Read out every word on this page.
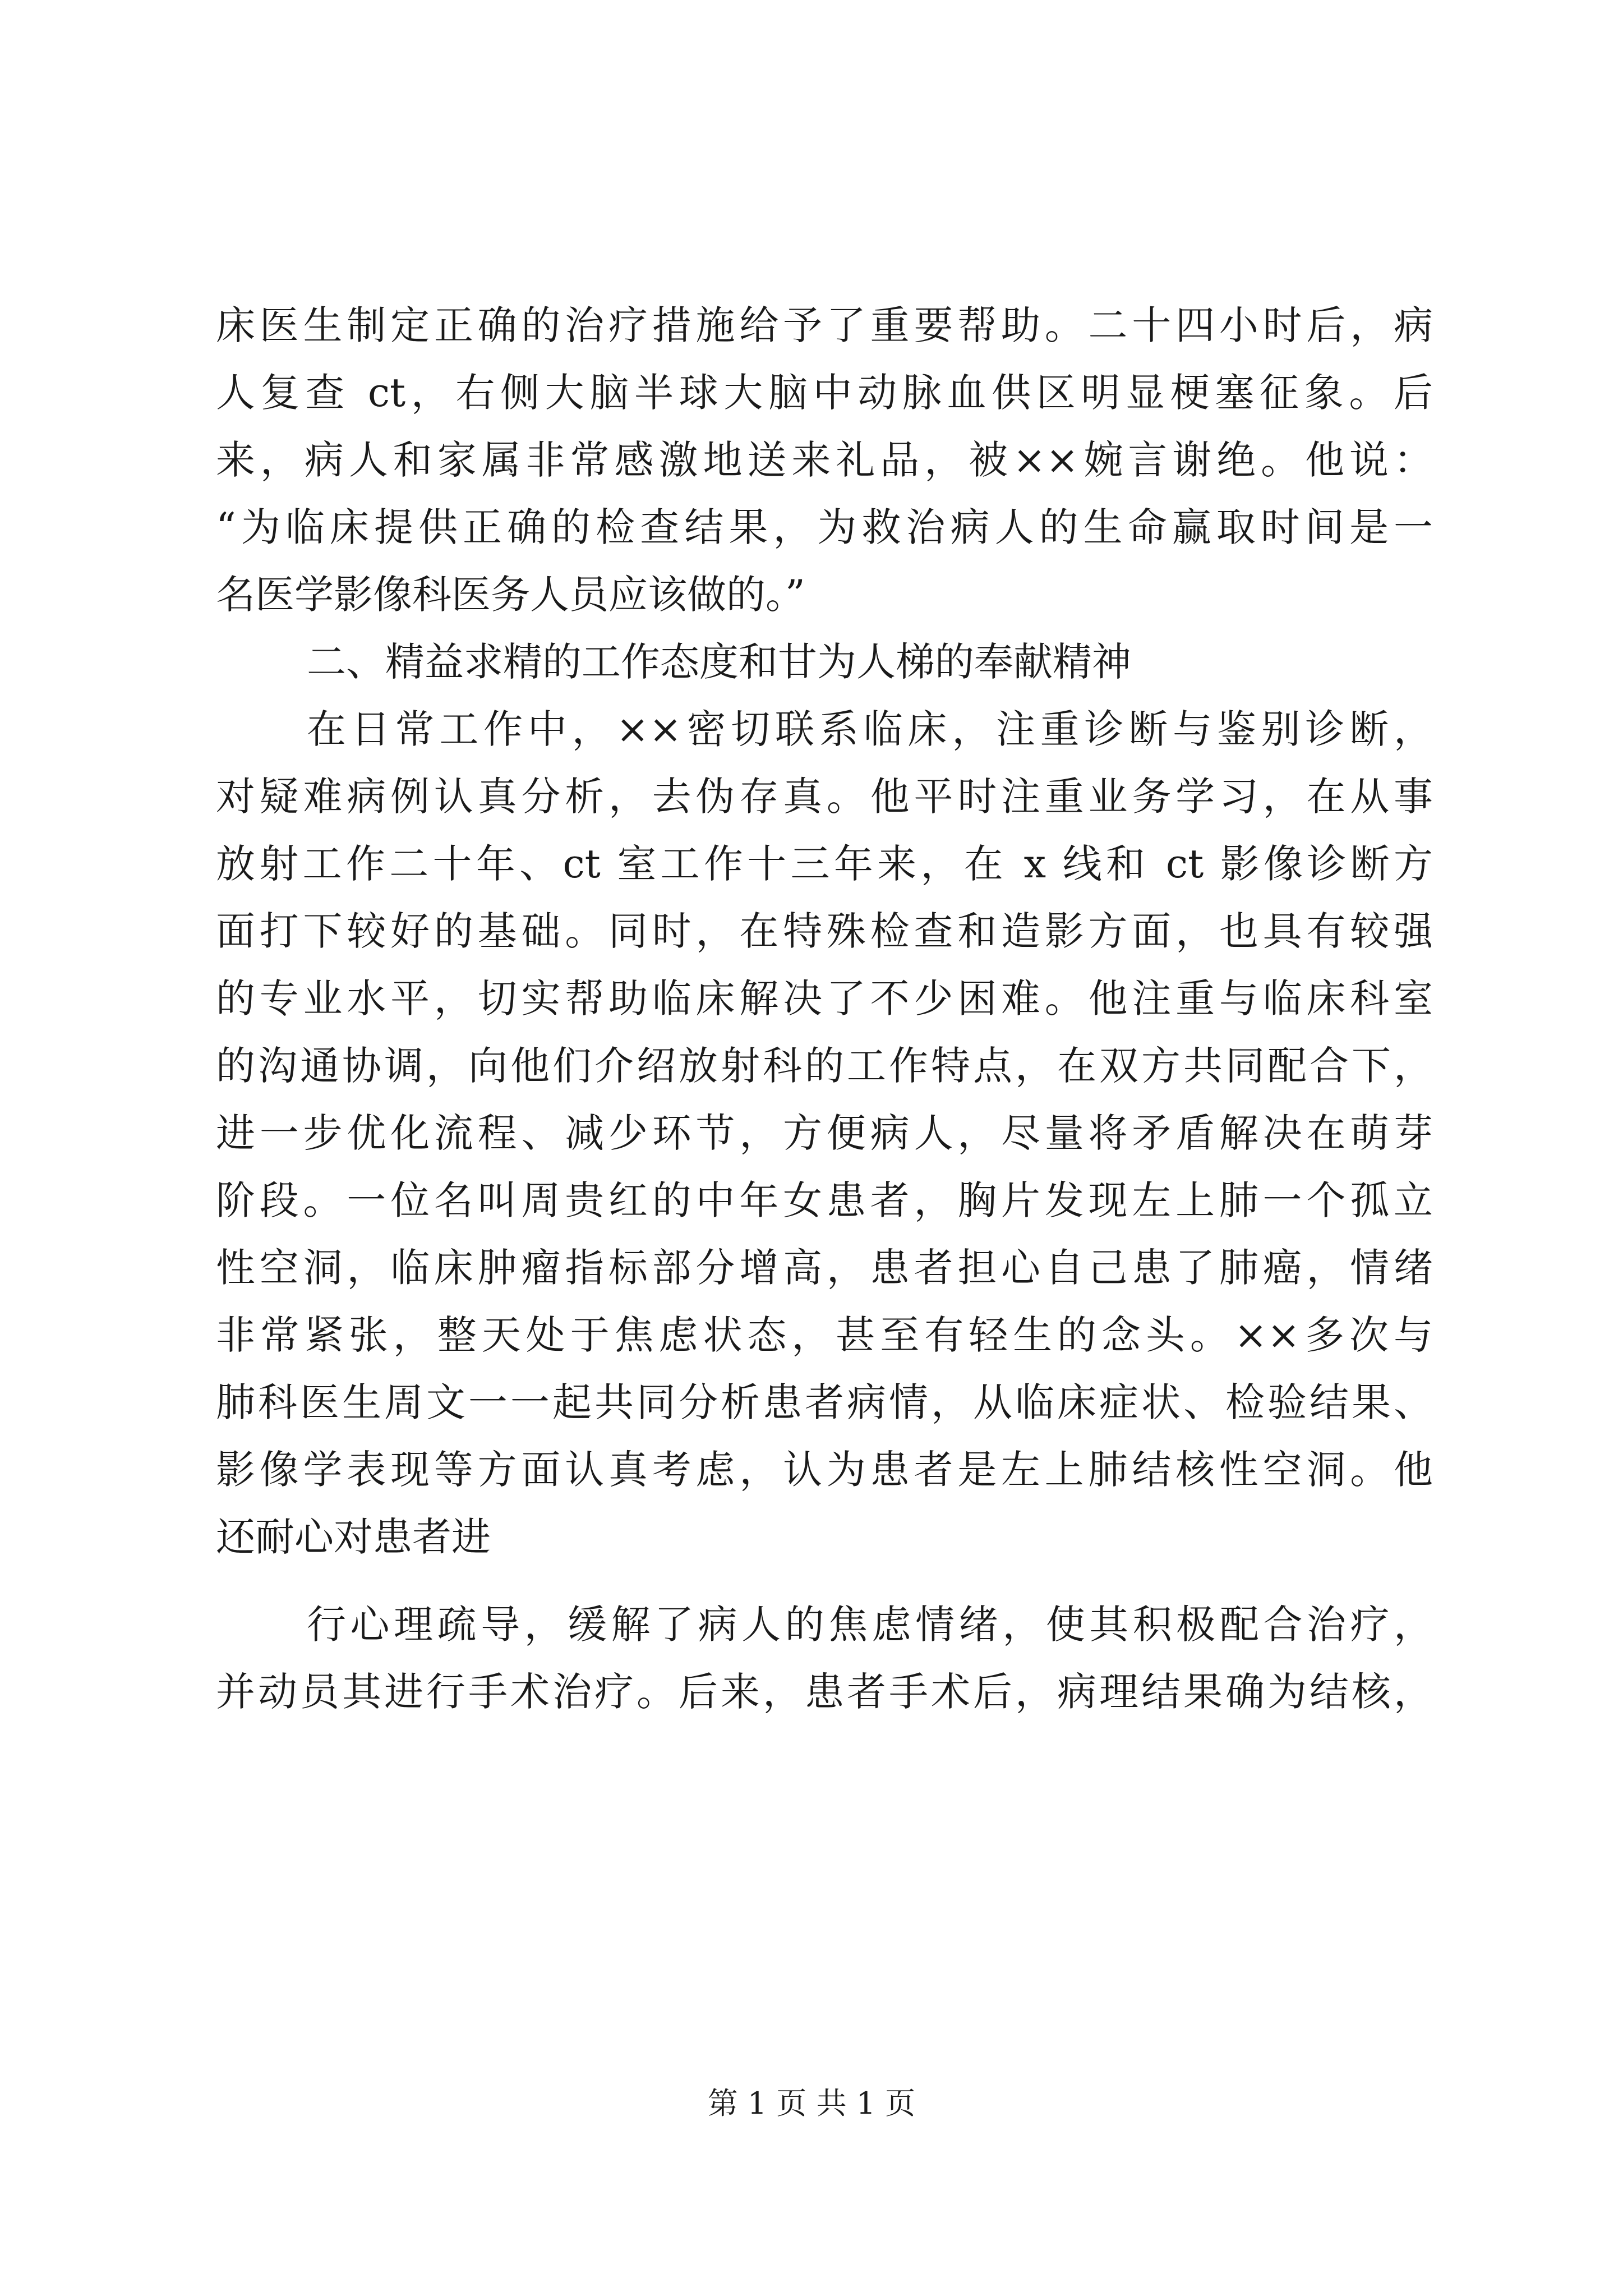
床医生制定正确的治疗措施给予了重要帮助。二十四小时后，病
人复查 ct，右侧大脑半球大脑中动脉血供区明显梗塞征象。后
来，病人和家属非常感激地送来礼品，被××婉言谢绝。他说：
“为临床提供正确的检查结果，为救治病人的生命赢取时间是一
名医学影像科医务人员应该做的。”
二、精益求精的工作态度和甘为人梯的奉献精神
在日常工作中，××密切联系临床，注重诊断与鉴别诊断，
对疑难病例认真分析，去伪存真。他平时注重业务学习，在从事
放射工作二十年、ct 室工作十三年来，在 x 线和 ct 影像诊断方
面打下较好的基础。同时，在特殊检查和造影方面，也具有较强
的专业水平，切实帮助临床解决了不少困难。他注重与临床科室
的沟通协调，向他们介绍放射科的工作特点，在双方共同配合下，
进一步优化流程、减少环节，方便病人，尽量将矛盾解决在萌芽
阶段。一位名叫周贵红的中年女患者，胸片发现左上肺一个孤立
性空洞，临床肿瘤指标部分增高，患者担心自己患了肺癌，情绪
非常紧张，整天处于焦虑状态，甚至有轻生的念头。××多次与
肺科医生周文一一起共同分析患者病情，从临床症状、检验结果、
影像学表现等方面认真考虑，认为患者是左上肺结核性空洞。他
还耐心对患者进
行心理疏导，缓解了病人的焦虑情绪，使其积极配合治疗，
并动员其进行手术治疗。后来，患者手术后，病理结果确为结核，
第 1 页 共 1 页
